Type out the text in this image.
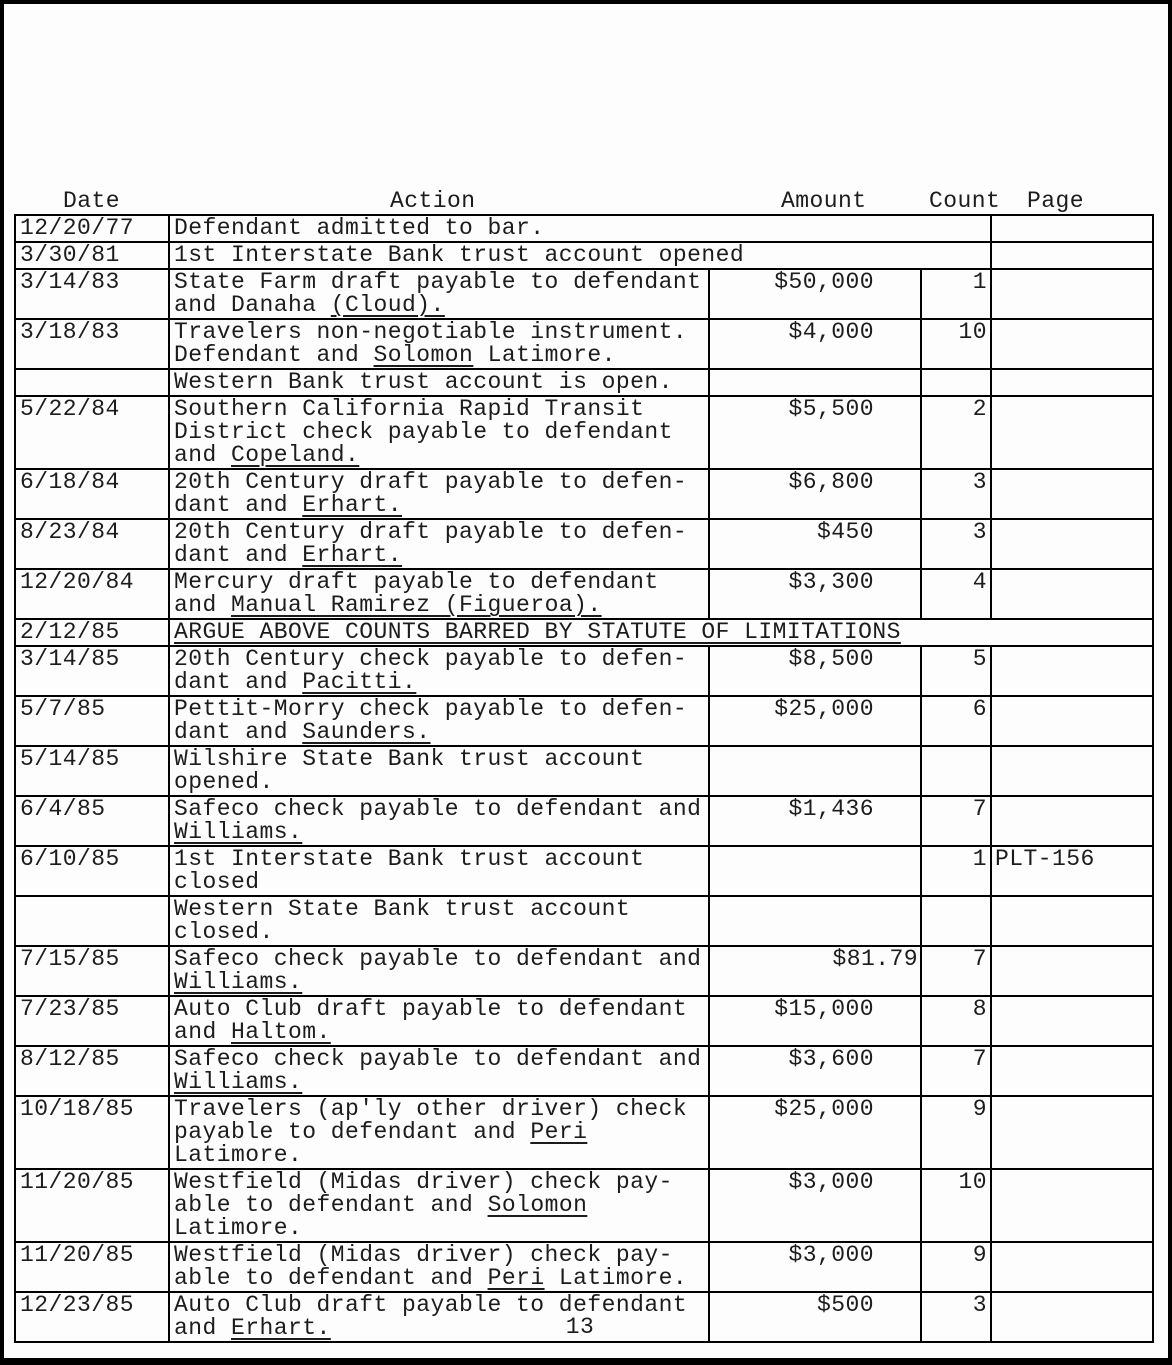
Date	Action	Amount	Count Page
12/20/77	Defendant admitted to bar.			

3/30/81	1st Interstate Bank trust account opened			

3/14/83	State Farm draft payable to defendant
and Danaha (Cloud).	$50,000	1	
3/18/83	Travelers non-negotiable instrument.
Defendant and Solomon Latimore.	$4,000	10	

	Western Bank trust account is open.			

5/22/84	Southern California Rapid Transit
District check payable to defendant
and Copeland.	$5,500	2	
6/18/84	20th Century draft payable to defen-
dant and Erhart.	$6,800	3	
8/23/84	20th Century draft payable to defen-
dant and Erhart.	$450	3	
12/20/84	Mercury draft payable to defendant
and Manual Ramirez (Figueroa).	$3,300	4	
2/12/85	ARGUE ABOVE COUNTS BARRED BY STATUTE OF LIMITATIONS			

3/14/85	20th Century check payable to defen-
dant and Pacitti.	$8,500	5	
5/7/85	Pettit-Morry check payable to defen-
dant and Saunders.	$25,000	6	
5/14/85	Wilshire State Bank trust account
opened.			

6/4/85	Safeco check payable to defendant and
Williams.	$1,436	7	
6/10/85	1st Interstate Bank trust account
closed		1	PLT-156

	Western State Bank trust account
closed.			

7/15/85	Safeco check payable to defendant and
Williams.	$81.79	7	
7/23/85	Auto Club draft payable to defendant
and Haltom.	$15,000	8	
8/12/85	Safeco check payable to defendant and
Williams.	$3,600	7	
10/18/85	Travelers (ap'ly other driver) check
payable to defendant and Peri
Latimore.	$25,000	9	
11/20/85	Westfield (Midas driver) check pay-
able to defendant and Solomon
Latimore.	$3,000	10	
11/20/85	Westfield (Midas driver) check pay-
able to defendant and Peri Latimore.	$3,000	9	
12/23/85	Auto Club draft payable to defendant
and Erhart.	$500	3	
13
